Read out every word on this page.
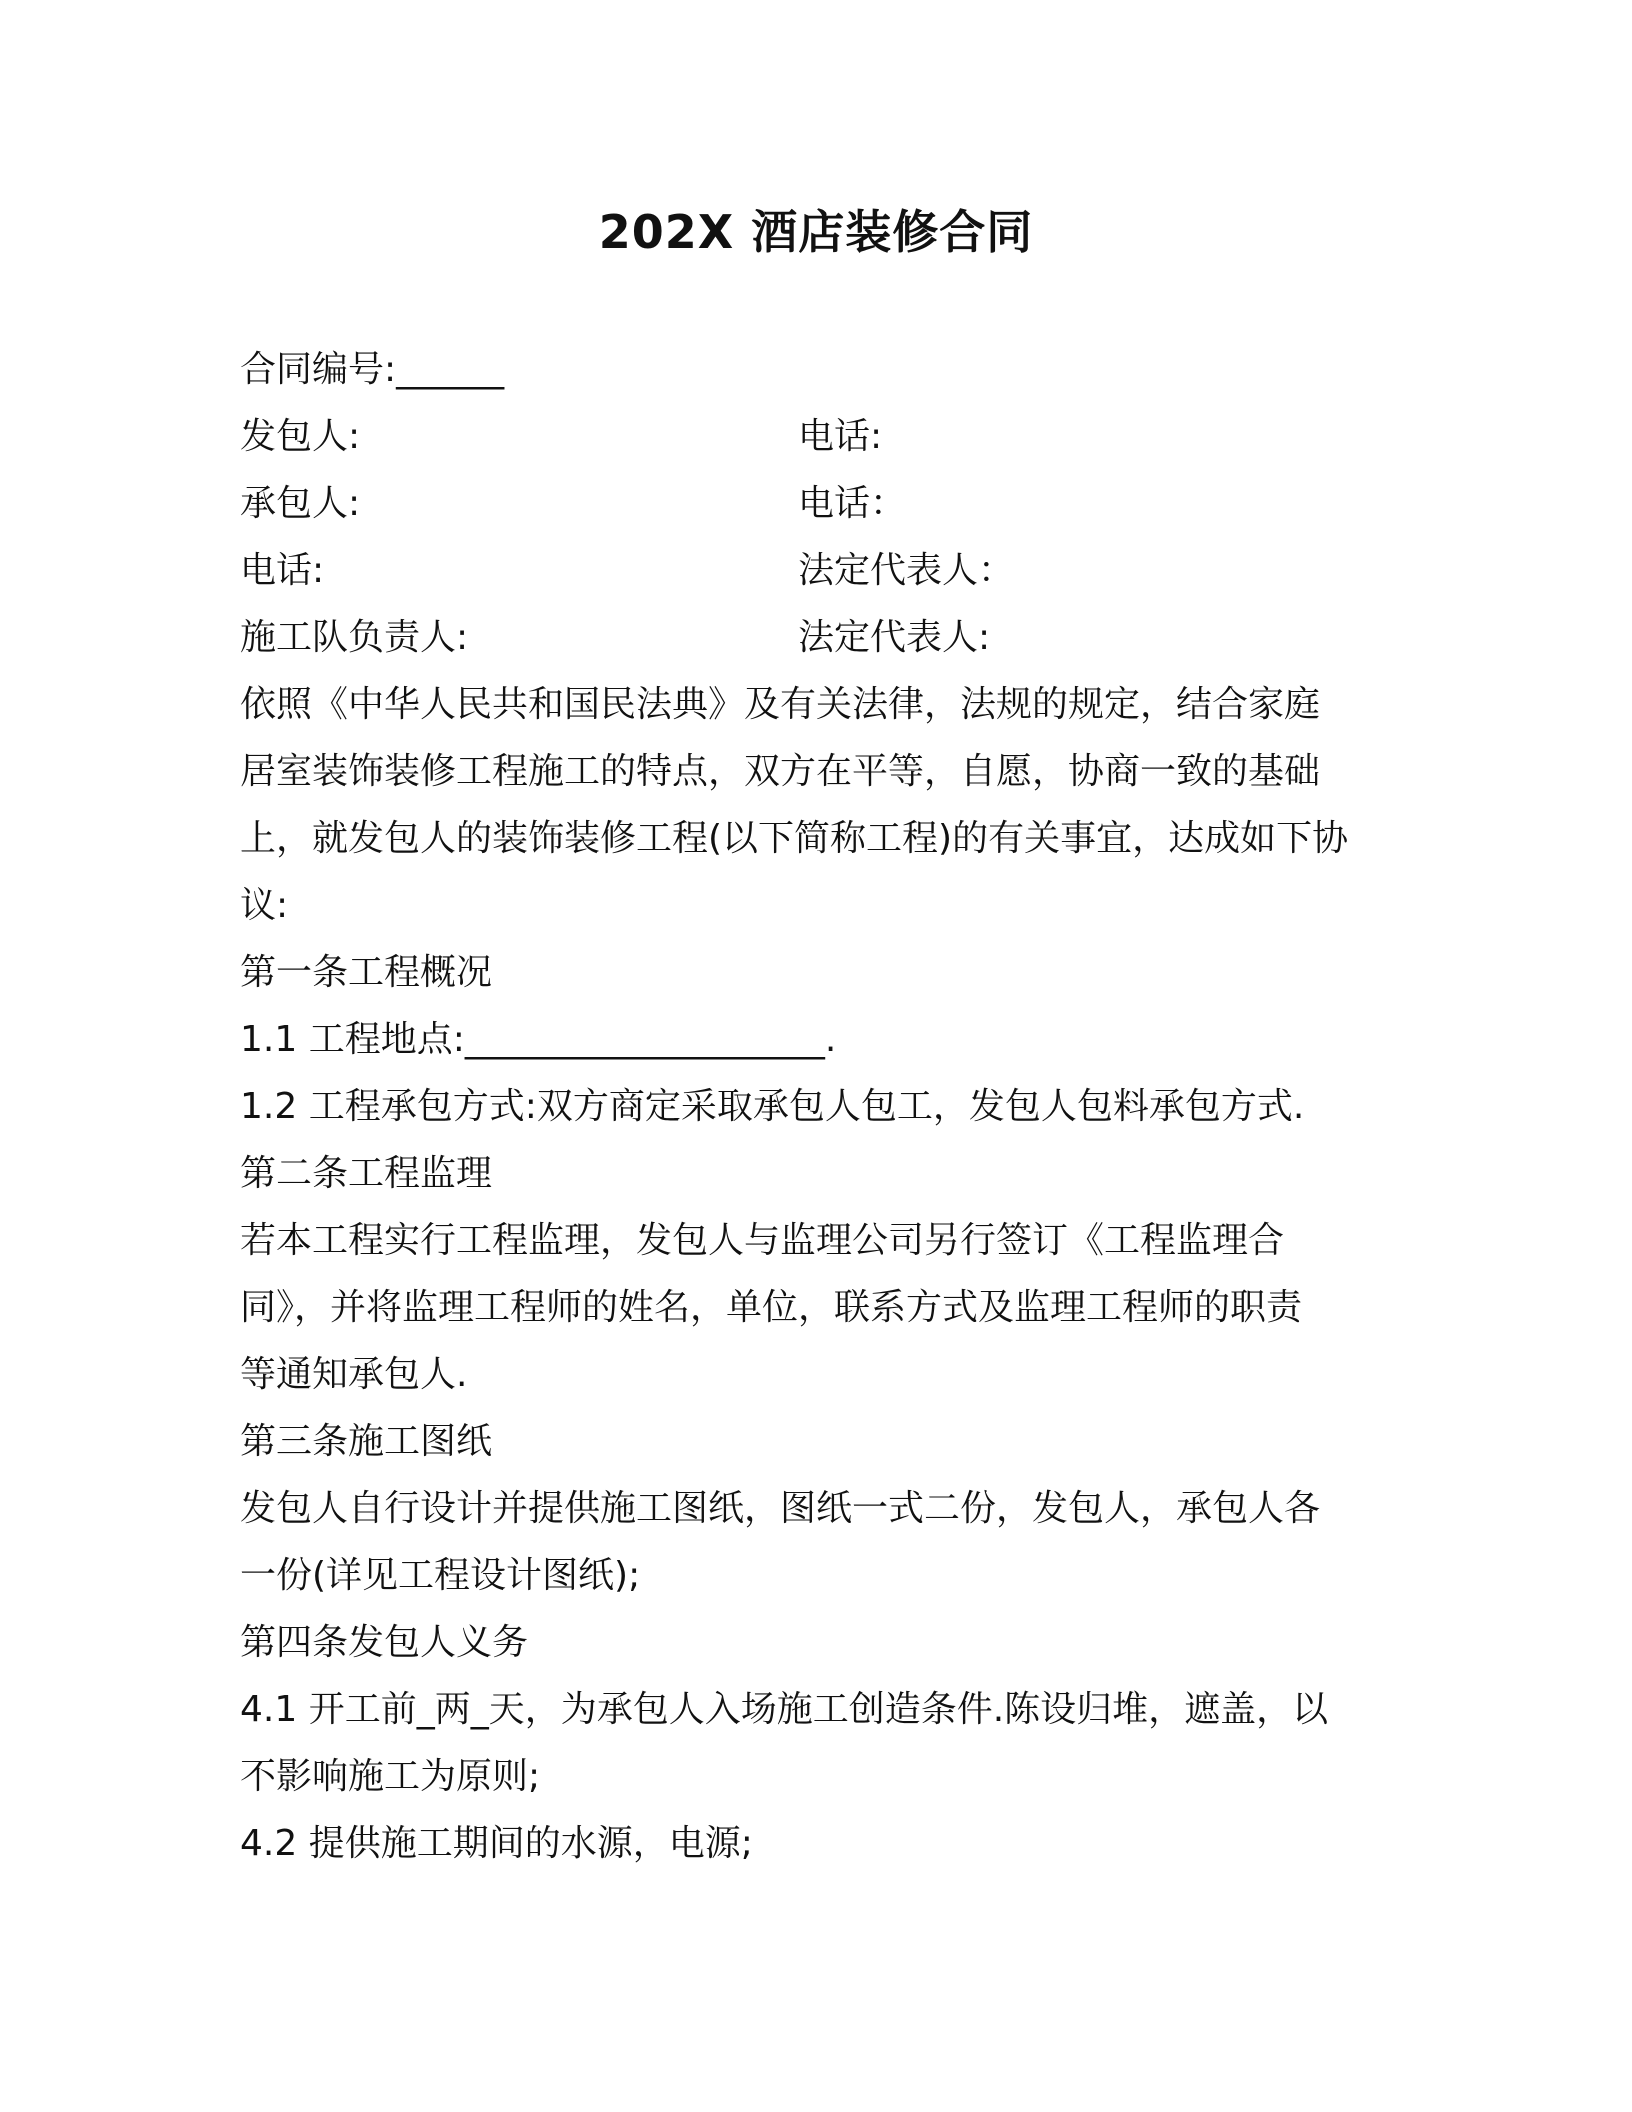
202X 酒店装修合同
合同编号:______
发包人:	电话:
承包人:	电话：
电话:	法定代表人：
施工队负责人:	法定代表人:
依照《中华人民共和国民法典》及有关法律，法规的规定，结合家庭
居室装饰装修工程施工的特点，双方在平等，自愿，协商一致的基础
上，就发包人的装饰装修工程(以下简称工程)的有关事宜，达成如下协
议:
第一条工程概况
1.1 工程地点:____________________.
1.2 工程承包方式:双方商定采取承包人包工，发包人包料承包方式.
第二条工程监理
若本工程实行工程监理，发包人与监理公司另行签订《工程监理合
同》，并将监理工程师的姓名，单位，联系方式及监理工程师的职责
等通知承包人.
第三条施工图纸
发包人自行设计并提供施工图纸，图纸一式二份，发包人，承包人各
一份(详见工程设计图纸);
第四条发包人义务
4.1 开工前_两_天，为承包人入场施工创造条件.陈设归堆，遮盖，以
不影响施工为原则;
4.2 提供施工期间的水源，电源;
